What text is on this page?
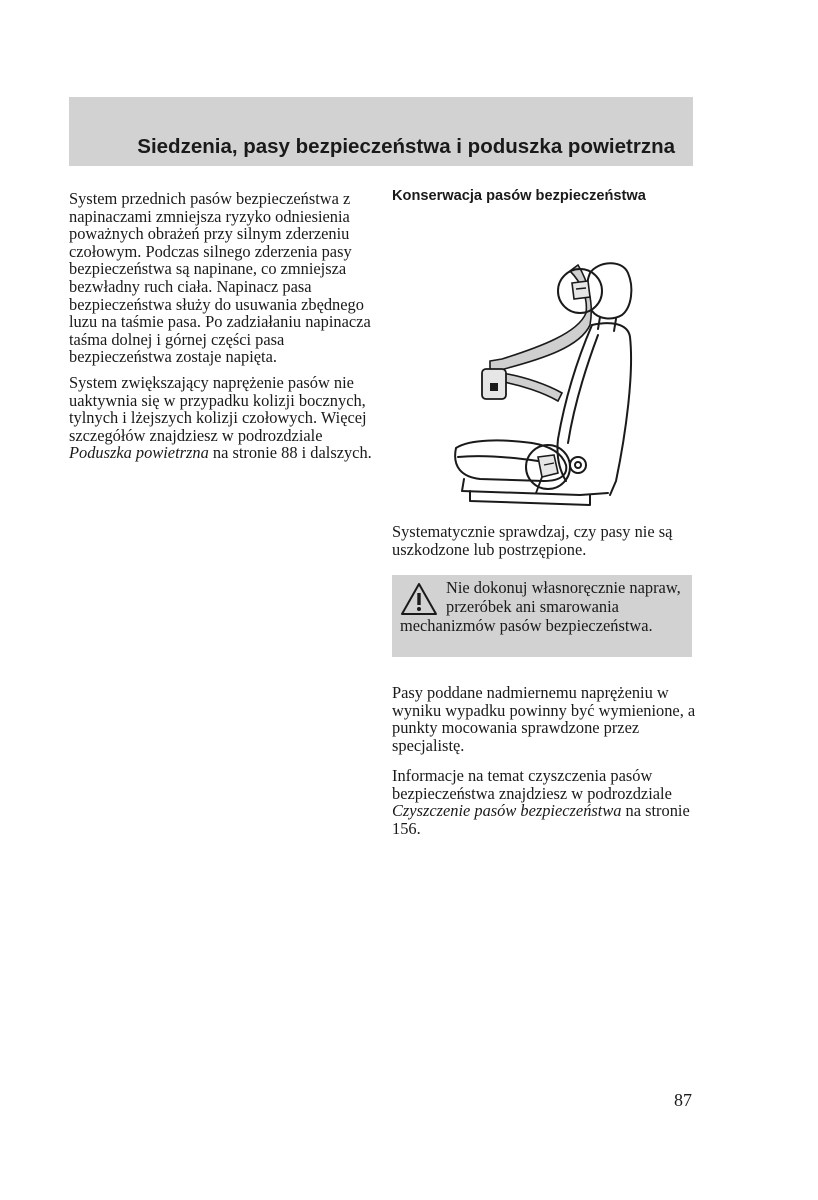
Siedzenia, pasy bezpieczeństwa i poduszka powietrzna

System przednich pasów bezpieczeństwa z napinaczami zmniejsza ryzyko odniesienia poważnych obrażeń przy silnym zderzeniu czołowym. Podczas silnego zderzenia pasy bezpieczeństwa są napinane, co zmniejsza bezwładny ruch ciała. Napinacz pasa bezpieczeństwa służy do usuwania zbędnego luzu na taśmie pasa. Po zadziałaniu napinacza taśma dolnej i górnej części pasa bezpieczeństwa zostaje napięta.

System zwiększający naprężenie pasów nie uaktywnia się w przypadku kolizji bocznych, tylnych i lżejszych kolizji czołowych. Więcej szczegółów znajdziesz w podrozdziale Poduszka powietrzna na stronie 88 i dalszych.

Konserwacja pasów bezpieczeństwa

Systematycznie sprawdzaj, czy pasy nie są uszkodzone lub postrzępione.

Nie dokonuj własnoręcznie napraw, przeróbek ani smarowania mechanizmów pasów bezpieczeństwa.

Pasy poddane nadmiernemu naprężeniu w wyniku wypadku powinny być wymienione, a punkty mocowania sprawdzone przez specjalistę.

Informacje na temat czyszczenia pasów bezpieczeństwa znajdziesz w podrozdziale Czyszczenie pasów bezpieczeństwa na stronie 156.

87
